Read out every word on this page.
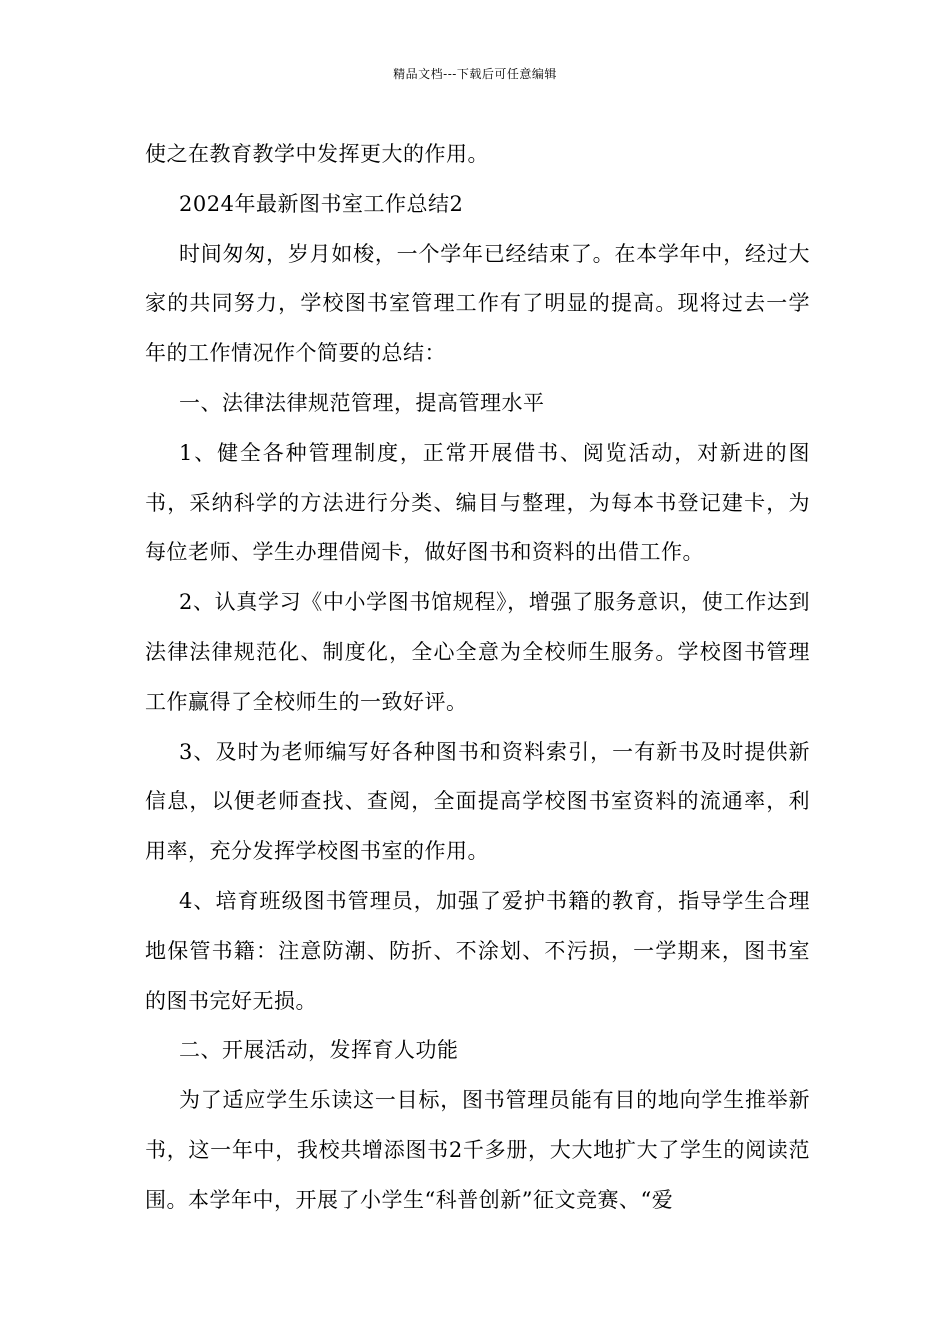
精品文档---下载后可任意编辑

使之在教育教学中发挥更大的作用。

2024年最新图书室工作总结2

时间匆匆，岁月如梭，一个学年已经结束了。在本学年中，经过大家的共同努力，学校图书室管理工作有了明显的提高。现将过去一学年的工作情况作个简要的总结：

一、法律法律规范管理，提高管理水平

1、健全各种管理制度，正常开展借书、阅览活动，对新进的图书，采纳科学的方法进行分类、编目与整理，为每本书登记建卡，为每位老师、学生办理借阅卡，做好图书和资料的出借工作。

2、认真学习《中小学图书馆规程》，增强了服务意识，使工作达到法律法律规范化、制度化，全心全意为全校师生服务。学校图书管理工作赢得了全校师生的一致好评。

3、及时为老师编写好各种图书和资料索引，一有新书及时提供新信息，以便老师查找、查阅，全面提高学校图书室资料的流通率，利用率，充分发挥学校图书室的作用。

4、培育班级图书管理员，加强了爱护书籍的教育，指导学生合理地保管书籍：注意防潮、防折、不涂划、不污损，一学期来，图书室的图书完好无损。

二、开展活动，发挥育人功能

为了适应学生乐读这一目标，图书管理员能有目的地向学生推举新书，这一年中，我校共增添图书2千多册，大大地扩大了学生的阅读范围。本学年中，开展了小学生“科普创新”征文竞赛、“爱
